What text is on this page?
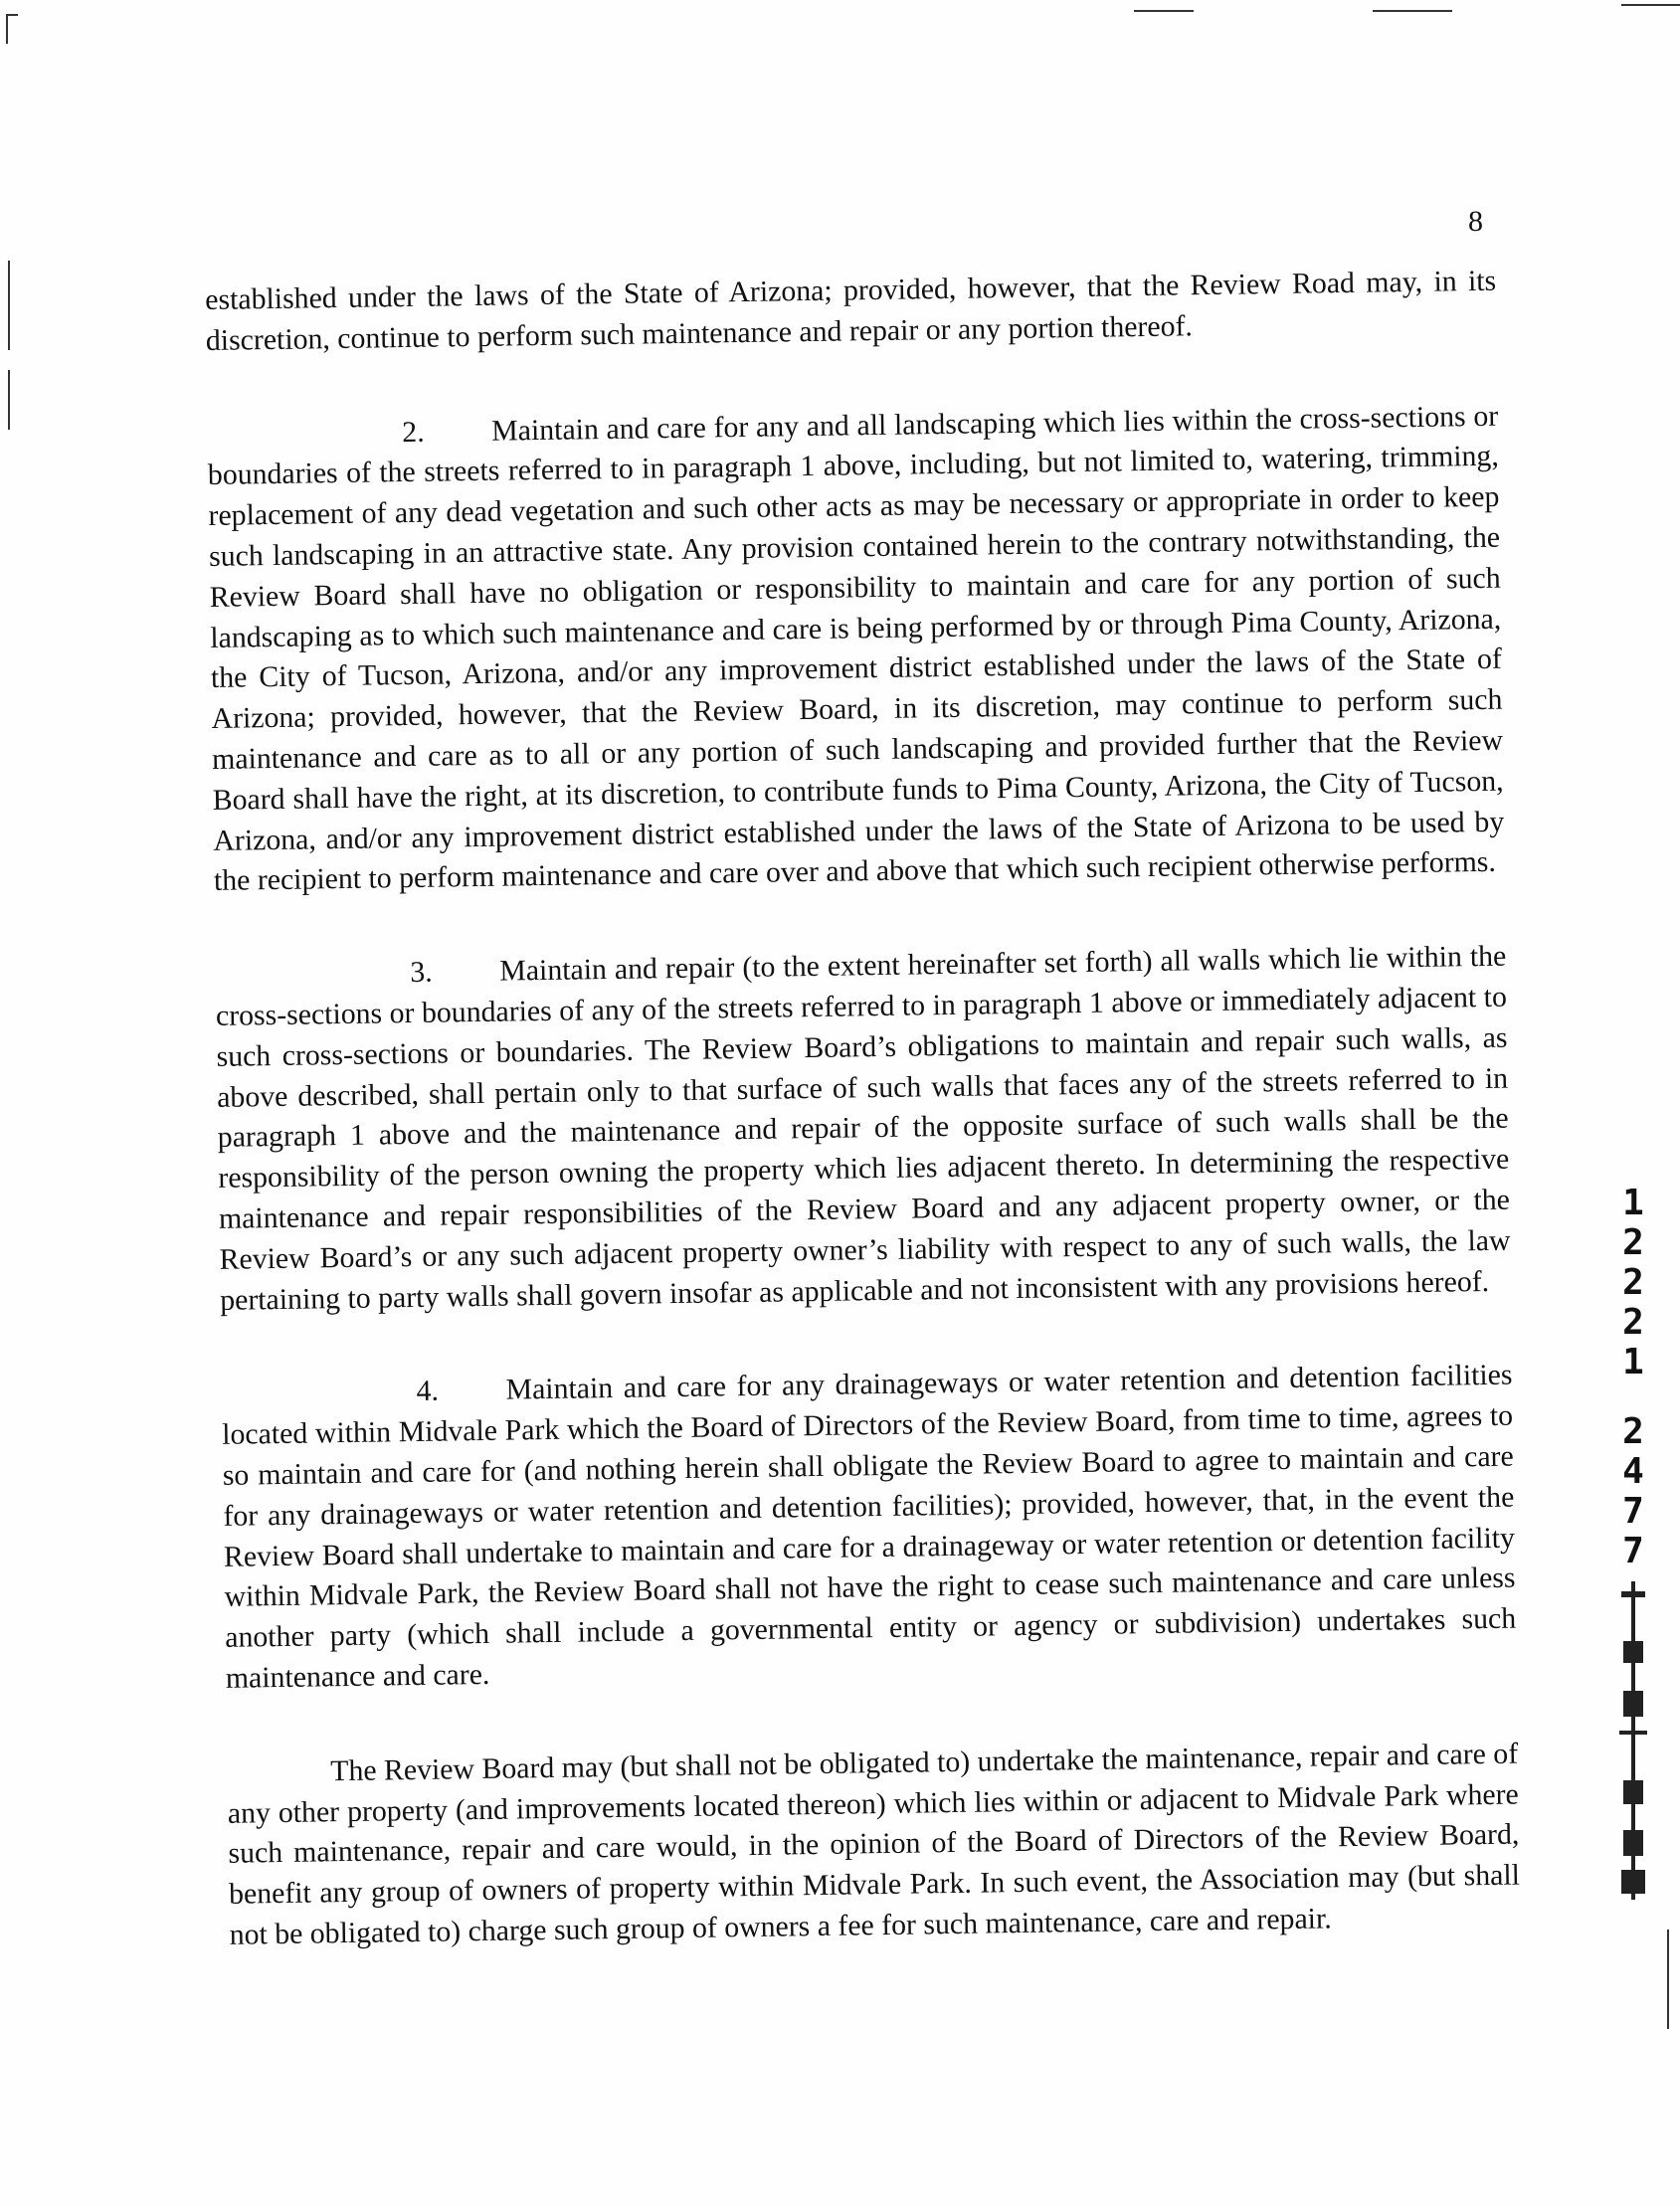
8

established under the laws of the State of Arizona; provided, however, that the Review Road may, in its discretion, continue to perform such maintenance and repair or any portion thereof.

2. Maintain and care for any and all landscaping which lies within the cross-sections or boundaries of the streets referred to in paragraph 1 above, including, but not limited to, watering, trimming, replacement of any dead vegetation and such other acts as may be necessary or appropriate in order to keep such landscaping in an attractive state. Any provision contained herein to the contrary notwithstanding, the Review Board shall have no obligation or responsibility to maintain and care for any portion of such landscaping as to which such maintenance and care is being performed by or through Pima County, Arizona, the City of Tucson, Arizona, and/or any improvement district established under the laws of the State of Arizona; provided, however, that the Review Board, in its discretion, may continue to perform such maintenance and care as to all or any portion of such landscaping and provided further that the Review Board shall have the right, at its discretion, to contribute funds to Pima County, Arizona, the City of Tucson, Arizona, and/or any improvement district established under the laws of the State of Arizona to be used by the recipient to perform maintenance and care over and above that which such recipient otherwise performs.

3. Maintain and repair (to the extent hereinafter set forth) all walls which lie within the cross-sections or boundaries of any of the streets referred to in paragraph 1 above or immediately adjacent to such cross-sections or boundaries. The Review Board’s obligations to maintain and repair such walls, as above described, shall pertain only to that surface of such walls that faces any of the streets referred to in paragraph 1 above and the maintenance and repair of the opposite surface of such walls shall be the responsibility of the person owning the property which lies adjacent thereto. In determining the respective maintenance and repair responsibilities of the Review Board and any adjacent property owner, or the Review Board’s or any such adjacent property owner’s liability with respect to any of such walls, the law pertaining to party walls shall govern insofar as applicable and not inconsistent with any provisions hereof.

4. Maintain and care for any drainageways or water retention and detention facilities located within Midvale Park which the Board of Directors of the Review Board, from time to time, agrees to so maintain and care for (and nothing herein shall obligate the Review Board to agree to maintain and care for any drainageways or water retention and detention facilities); provided, however, that, in the event the Review Board shall undertake to maintain and care for a drainageway or water retention or detention facility within Midvale Park, the Review Board shall not have the right to cease such maintenance and care unless another party (which shall include a governmental entity or agency or subdivision) undertakes such maintenance and care.

The Review Board may (but shall not be obligated to) undertake the maintenance, repair and care of any other property (and improvements located thereon) which lies within or adjacent to Midvale Park where such maintenance, repair and care would, in the opinion of the Board of Directors of the Review Board, benefit any group of owners of property within Midvale Park. In such event, the Association may (but shall not be obligated to) charge such group of owners a fee for such maintenance, care and repair.

1
2
2
2
1
2
4
7
7
